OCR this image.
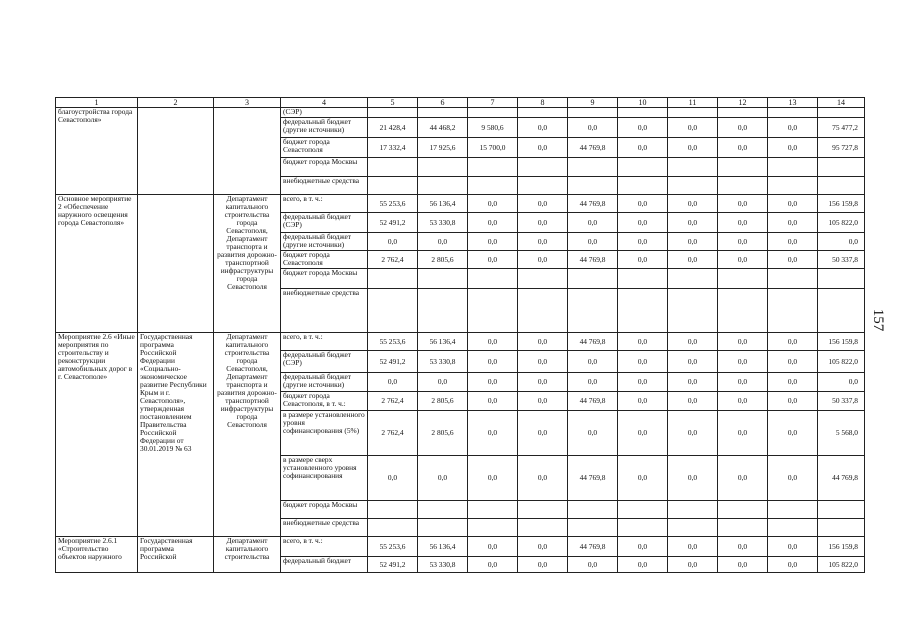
157
1	2	3	4	5	6	7	8	9	10	11	12	13	14
благоустройства города Севастополя»			(СЭР)										
			федеральный бюджет (другие источники)	21 428,4	44 468,2	9 580,6	0,0	0,0	0,0	0,0	0,0	0,0	75 477,2
			бюджет города Севастополя	17 332,4	17 925,6	15 700,0	0,0	44 769,8	0,0	0,0	0,0	0,0	95 727,8
			бюджет города Москвы										
			внебюджетные средства										
Основное мероприятие 2 «Обеспечение наружного освещения города Севастополя»		Департамент капитального строительства города Севастополя, Департамент транспорта и развития дорожно-транспортной инфраструктуры города Севастополя	всего, в т. ч.:	55 253,6	56 136,4	0,0	0,0	44 769,8	0,0	0,0	0,0	0,0	156 159,8
			федеральный бюджет (СЭР)	52 491,2	53 330,8	0,0	0,0	0,0	0,0	0,0	0,0	0,0	105 822,0
			федеральный бюджет (другие источники)	0,0	0,0	0,0	0,0	0,0	0,0	0,0	0,0	0,0	0,0
			бюджет города Севастополя	2 762,4	2 805,6	0,0	0,0	44 769,8	0,0	0,0	0,0	0,0	50 337,8
			бюджет города Москвы										
			внебюджетные средства										
Мероприятие 2.6 «Иные мероприятия по строительству и реконструкции автомобильных дорог в г. Севастополе»	Государственная программа Российской Федерации «Социально-экономическое развитие Республики Крым и г. Севастополя», утвержденная постановлением Правительства Российской Федерации от 30.01.2019 № 63	Департамент капитального строительства города Севастополя, Департамент транспорта и развития дорожно-транспортной инфраструктуры города Севастополя	всего, в т. ч.:	55 253,6	56 136,4	0,0	0,0	44 769,8	0,0	0,0	0,0	0,0	156 159,8
			федеральный бюджет (СЭР)	52 491,2	53 330,8	0,0	0,0	0,0	0,0	0,0	0,0	0,0	105 822,0
			федеральный бюджет (другие источники)	0,0	0,0	0,0	0,0	0,0	0,0	0,0	0,0	0,0	0,0
			бюджет города Севастополя, в т. ч.:	2 762,4	2 805,6	0,0	0,0	44 769,8	0,0	0,0	0,0	0,0	50 337,8
			в размере установленного уровня софинансирования (5%)	2 762,4	2 805,6	0,0	0,0	0,0	0,0	0,0	0,0	0,0	5 568,0
			в размере сверх установленного уровня софинансирования	0,0	0,0	0,0	0,0	44 769,8	0,0	0,0	0,0	0,0	44 769,8
			бюджет города Москвы										
			внебюджетные средства										
Мероприятие 2.6.1 «Строительство объектов наружного	Государственная программа Российской	Департамент капитального строительства	всего, в т. ч.:	55 253,6	56 136,4	0,0	0,0	44 769,8	0,0	0,0	0,0	0,0	156 159,8
			федеральный бюджет	52 491,2	53 330,8	0,0	0,0	0,0	0,0	0,0	0,0	0,0	105 822,0
